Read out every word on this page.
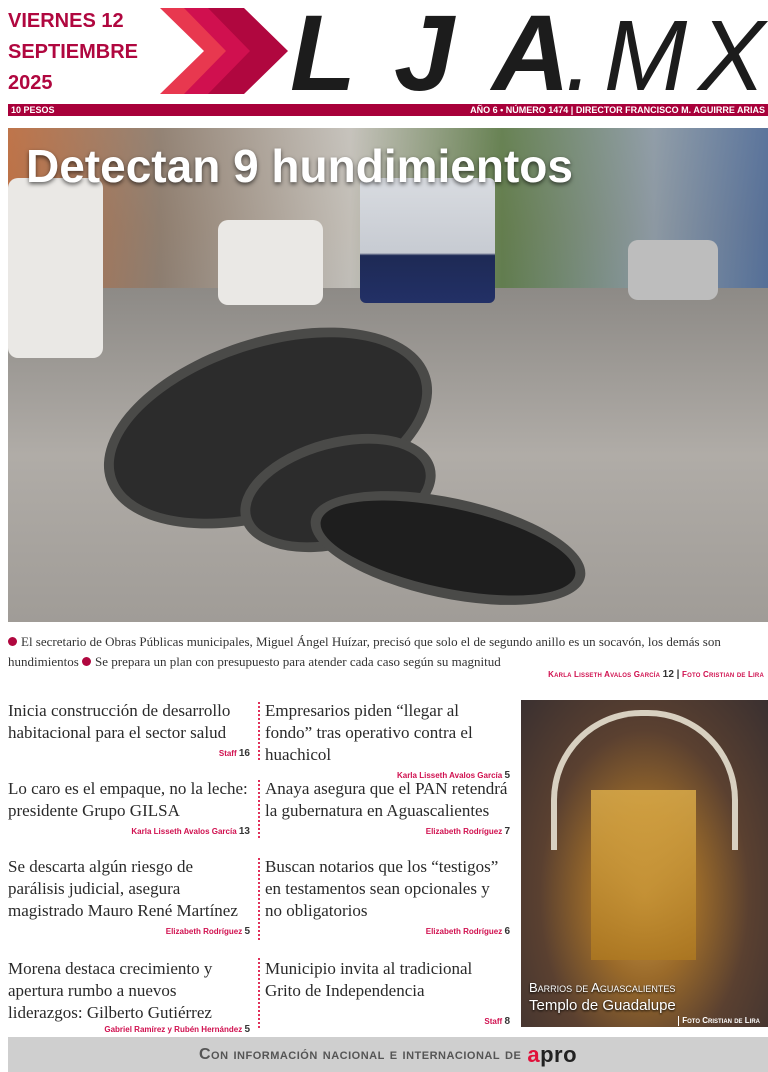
VIERNES 12
SEPTIEMBRE
2025	LJA
.MX
10 PESOS	AÑO 6 • NÚMERO 1474 | DIRECTOR FRANCISCO M. AGUIRRE ARIAS
Detectan 9 hundimientos
El secretario de Obras Públicas municipales, Miguel Ángel Huízar, precisó que solo el de segundo anillo es un socavón, los demás son hundimientos Se prepara un plan con presupuesto para atender cada caso según su magnitud
Karla Lisseth Avalos García 12 | Foto Cristian de Lira
Inicia construcción de desarrollo habitacional para el sector salud
Staff 16
Empresarios piden “llegar al fondo” tras operativo contra el huachicol
Karla Lisseth Avalos García 5
Lo caro es el empaque, no la leche: presidente Grupo GILSA
Karla Lisseth Avalos García 13
Anaya asegura que el PAN retendrá la gubernatura en Aguascalientes
Elizabeth Rodríguez 7
Se descarta algún riesgo de parálisis judicial, asegura magistrado Mauro René Martínez
Elizabeth Rodríguez 5
Buscan notarios que los “testigos” en testamentos sean opcionales y no obligatorios
Elizabeth Rodríguez 6
Morena destaca crecimiento y apertura rumbo a nuevos liderazgos: Gilberto Gutiérrez
Gabriel Ramírez y Rubén Hernández 5
Municipio invita al tradicional Grito de Independencia
Staff 8
Barrios de Aguascalientes
Templo de Guadalupe
Foto Cristian de Lira
Con información nacional e internacional de apro
